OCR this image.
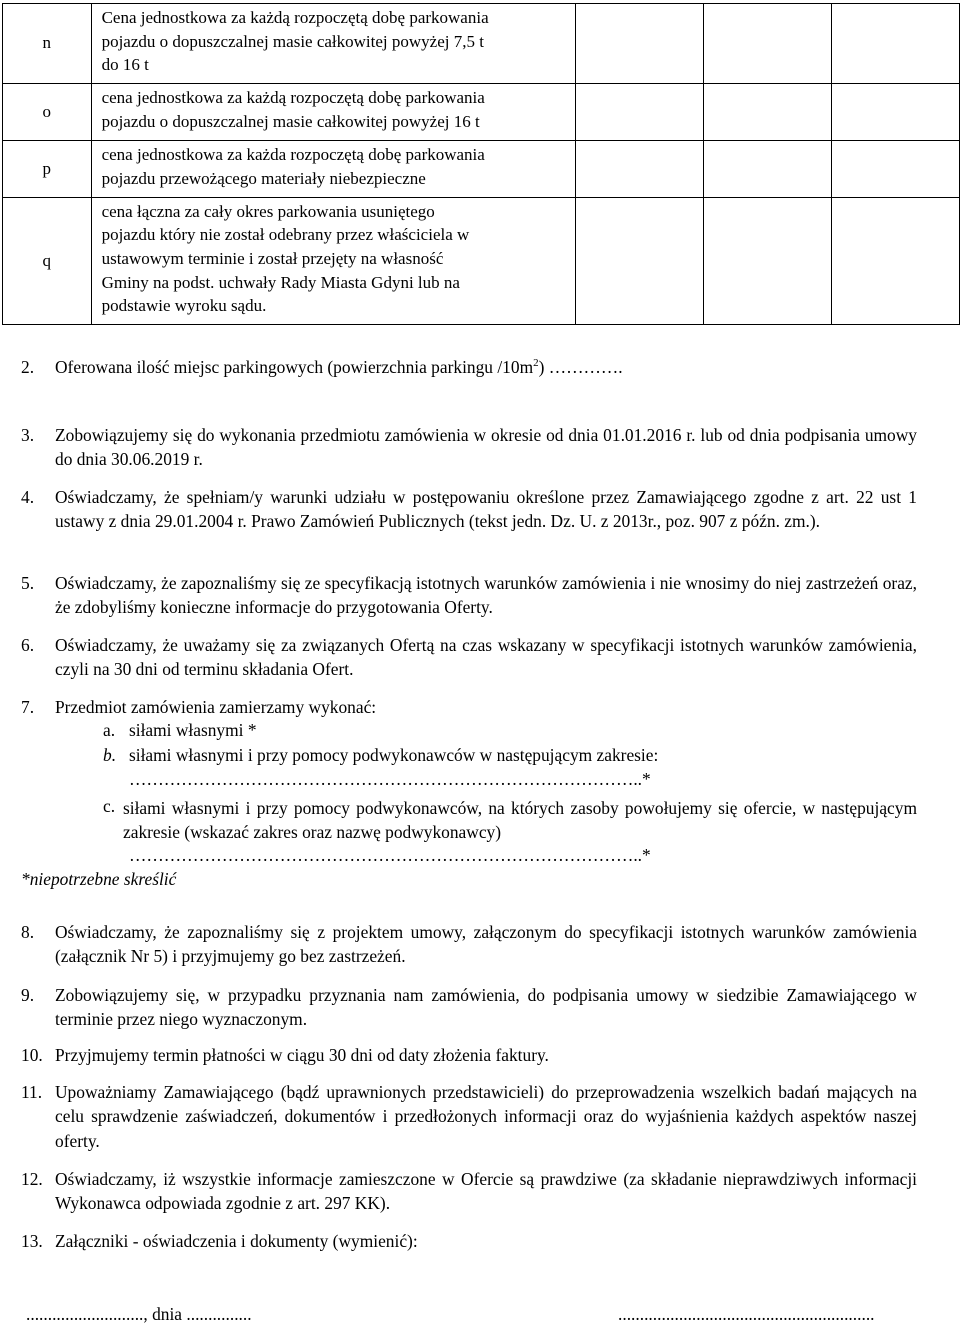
n	Cena jednostkowa za każdą rozpoczętą dobę parkowania
pojazdu o dopuszczalnej masie całkowitej powyżej 7,5 t
do 16 t			

o	cena jednostkowa za każdą rozpoczętą dobę parkowania
pojazdu o dopuszczalnej masie całkowitej powyżej 16 t			

p	cena jednostkowa za każda rozpoczętą dobę parkowania
pojazdu przewożącego materiały niebezpieczne			

q	cena łączna za cały okres parkowania usuniętego
pojazdu który nie został odebrany przez właściciela w
ustawowym terminie i został przejęty na własność
Gminy na podst. uchwały Rady Miasta Gdyni lub na
podstawie wyroku sądu.			

2. Oferowana ilość miejsc parkingowych (powierzchnia parkingu $/10m^2$) ………….
3. Zobowiązujemy się do wykonania przedmiotu zamówienia w okresie od dnia 01.01.2016 r. lub od dnia podpisania umowy do dnia 30.06.2019 r.
4. Oświadczamy, że spełniam/y warunki udziału w postępowaniu określone przez Zamawiającego zgodne z art. 22 ust 1 ustawy z dnia 29.01.2004 r. Prawo Zamówień Publicznych (tekst jedn. Dz. U. z 2013r., poz. 907 z późn. zm.).
5. Oświadczamy, że zapoznaliśmy się ze specyfikacją istotnych warunków zamówienia i nie wnosimy do niej zastrzeżeń oraz, że zdobyliśmy konieczne informacje do przygotowania Oferty.
6. Oświadczamy, że uważamy się za związanych Ofertą na czas wskazany w specyfikacji istotnych warunków zamówienia, czyli na 30 dni od terminu składania Ofert.
7. Przedmiot zamówienia zamierzamy wykonać:
a. siłami własnymi *
b. siłami własnymi i przy pomocy podwykonawców w następującym zakresie:
……………………………………………………………………………..*
c. siłami własnymi i przy pomocy podwykonawców, na których zasoby powołujemy się ofercie, w następującym zakresie (wskazać zakres oraz nazwę podwykonawcy)
……………………………………………………………………………..*
*niepotrzebne skreślić
8. Oświadczamy, że zapoznaliśmy się z projektem umowy, załączonym do specyfikacji istotnych warunków zamówienia (załącznik Nr 5) i przyjmujemy go bez zastrzeżeń.
9. Zobowiązujemy się, w przypadku przyznania nam zamówienia, do podpisania umowy w siedzibie Zamawiającego w terminie przez niego wyznaczonym.
10. Przyjmujemy termin płatności w ciągu 30 dni od daty złożenia faktury.
11. Upoważniamy Zamawiającego (bądź uprawnionych przedstawicieli) do przeprowadzenia wszelkich badań mających na celu sprawdzenie zaświadczeń, dokumentów i przedłożonych informacji oraz do wyjaśnienia każdych aspektów naszej oferty.
12. Oświadczamy, iż wszystkie informacje zamieszczone w Ofercie są prawdziwe (za składanie nieprawdziwych informacji Wykonawca odpowiada zgodnie z art. 297 KK).
13. Załączniki - oświadczenia i dokumenty (wymienić):
..........................., dnia ...............	...........................................................
